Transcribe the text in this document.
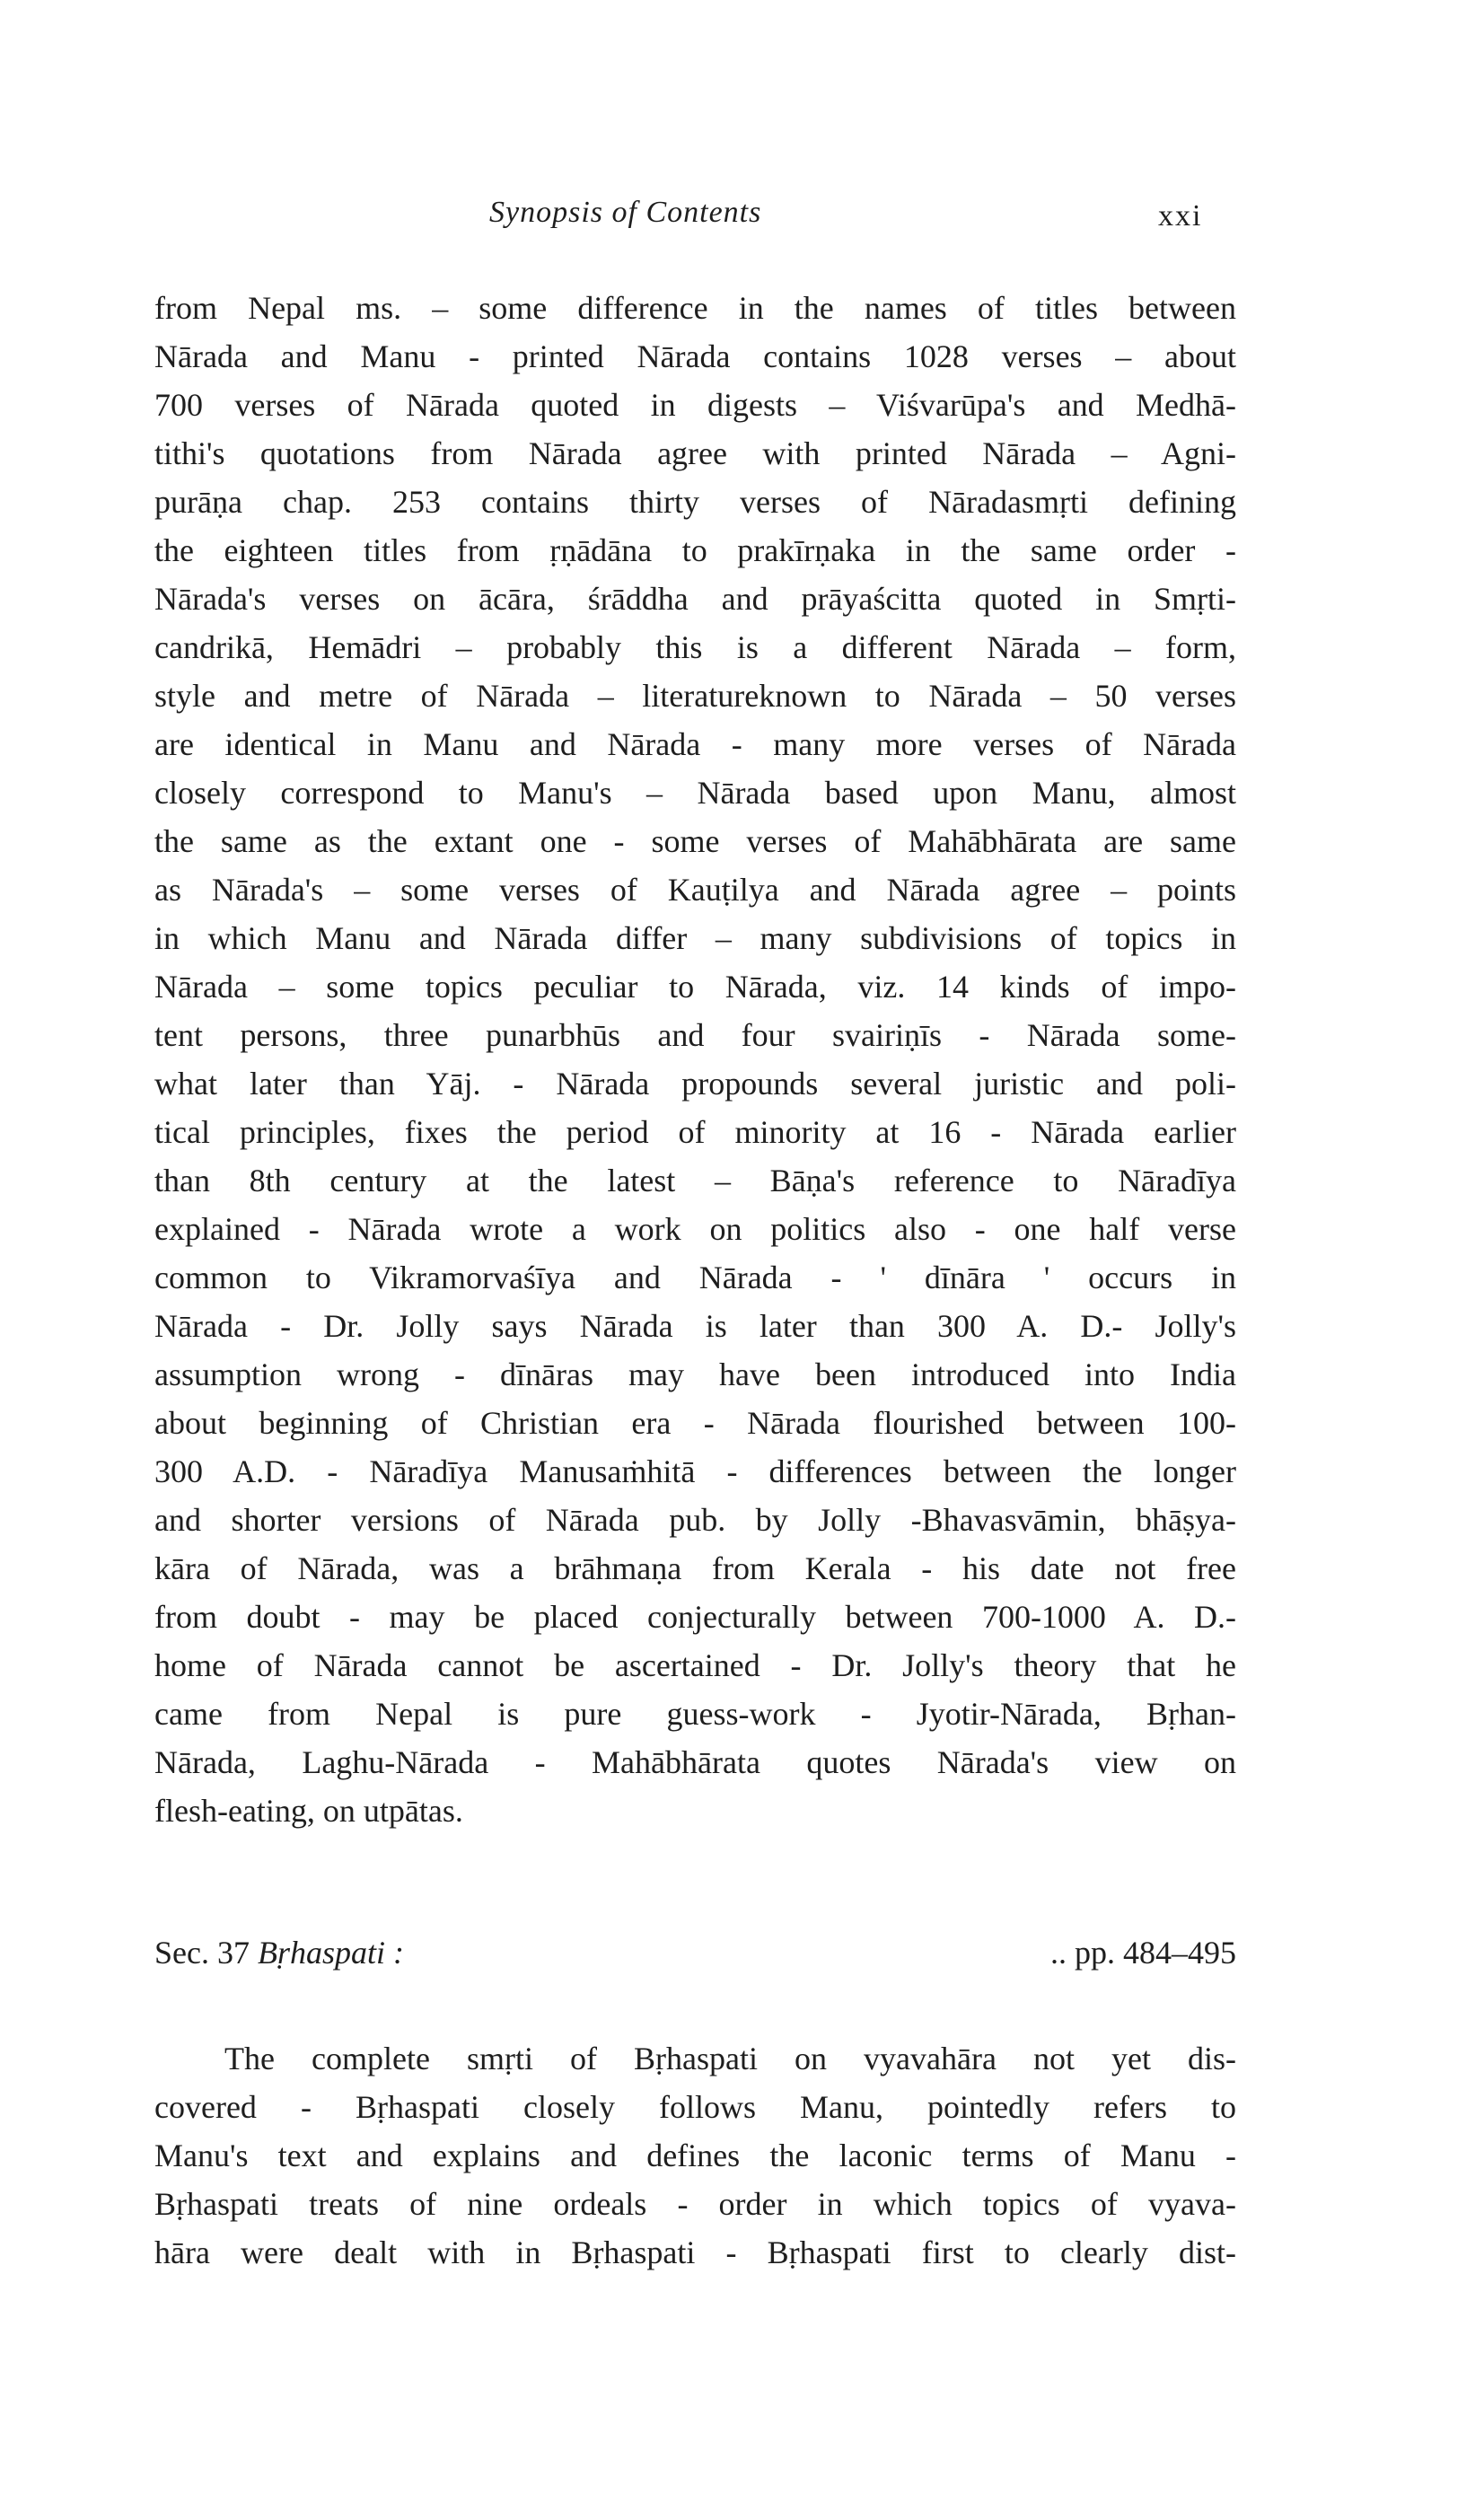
Synopsis of Contents	xxi
from Nepal ms. – some difference in the names of titles between
Nārada and Manu - printed Nārada contains 1028 verses – about
700 verses of Nārada quoted in digests – Viśvarūpa's and Medhā-
tithi's quotations from Nārada agree with printed Nārada – Agni-
purāṇa chap. 253 contains thirty verses of Nāradasmṛti defining
the eighteen titles from ṛṇādāna to prakīrṇaka in the same order -
Nārada's verses on ācāra, śrāddha and prāyaścitta quoted in Smṛti-
candrikā, Hemādri – probably this is a different Nārada – form,
style and metre of Nārada – literatureknown to Nārada – 50 verses
are identical in Manu and Nārada - many more verses of Nārada
closely correspond to Manu's – Nārada based upon Manu, almost
the same as the extant one - some verses of Mahābhārata are same
as Nārada's – some verses of Kauṭilya and Nārada agree – points
in which Manu and Nārada differ – many subdivisions of topics in
Nārada – some topics peculiar to Nārada, viz. 14 kinds of impo-
tent persons, three punarbhūs and four svairiṇīs - Nārada some-
what later than Yāj. - Nārada propounds several juristic and poli-
tical principles, fixes the period of minority at 16 - Nārada earlier
than 8th century at the latest – Bāṇa's reference to Nāradīya
explained - Nārada wrote a work on politics also - one half verse
common to Vikramorvaśīya and Nārada - ' dīnāra ' occurs in
Nārada - Dr. Jolly says Nārada is later than 300 A. D.- Jolly's
assumption wrong - dīnāras may have been introduced into India
about beginning of Christian era - Nārada flourished between 100-
300 A.D. - Nāradīya Manusaṁhitā - differences between the longer
and shorter versions of Nārada pub. by Jolly -Bhavasvāmin, bhāṣya-
kāra of Nārada, was a brāhmaṇa from Kerala - his date not free
from doubt - may be placed conjecturally between 700-1000 A. D.-
home of Nārada cannot be ascertained - Dr. Jolly's theory that he
came from Nepal is pure guess-work - Jyotir-Nārada, Bṛhan-
Nārada, Laghu-Nārada - Mahābhārata quotes Nārada's view on
flesh-eating, on utpātas.
Sec. 37 Bṛhaspati :	.. pp. 484–495
The complete smṛti of Bṛhaspati on vyavahāra not yet dis-
covered - Bṛhaspati closely follows Manu, pointedly refers to
Manu's text and explains and defines the laconic terms of Manu -
Bṛhaspati treats of nine ordeals - order in which topics of vyava-
hāra were dealt with in Bṛhaspati - Bṛhaspati first to clearly dist-
